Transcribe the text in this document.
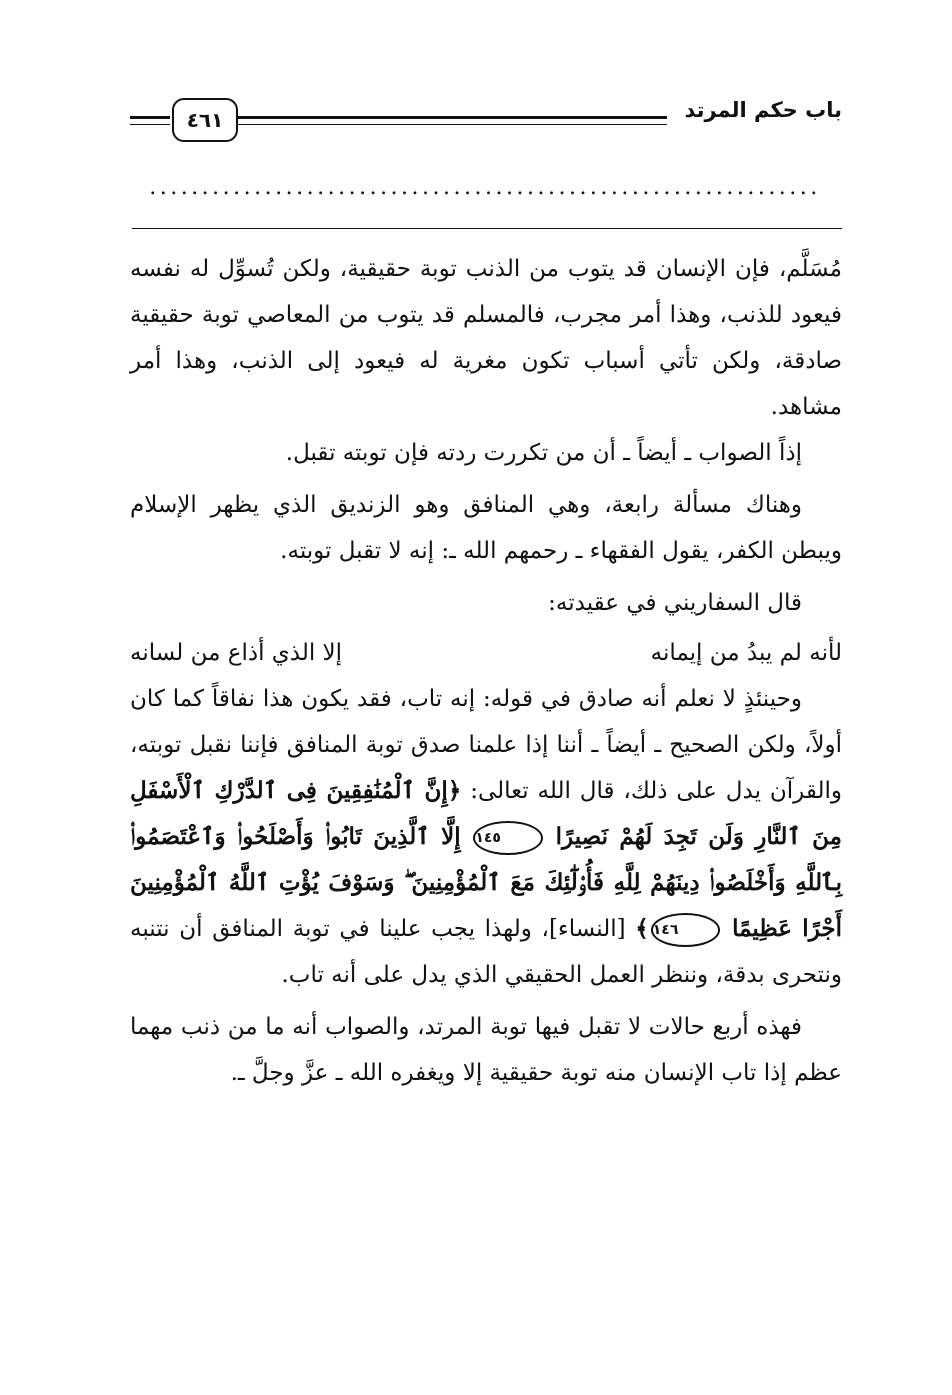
باب حكم المرتد
٤٦١
................................................................

مُسَلَّم، فإن الإنسان قد يتوب من الذنب توبة حقيقية، ولكن تُسوِّل له نفسه فيعود للذنب، وهذا أمر مجرب، فالمسلم قد يتوب من المعاصي توبة حقيقية صادقة، ولكن تأتي أسباب تكون مغرية له فيعود إلى الذنب، وهذا أمر مشاهد.

إذاً الصواب ـ أيضاً ـ أن من تكررت ردته فإن توبته تقبل.

وهناك مسألة رابعة، وهي المنافق وهو الزنديق الذي يظهر الإسلام ويبطن الكفر، يقول الفقهاء ـ رحمهم الله ـ: إنه لا تقبل توبته.

قال السفاريني في عقيدته:

لأنه لم يبدُ من إيمانه
إلا الذي أذاع من لسانه

وحينئذٍ لا نعلم أنه صادق في قوله: إنه تاب، فقد يكون هذا نفاقاً كما كان أولاً، ولكن الصحيح ـ أيضاً ـ أننا إذا علمنا صدق توبة المنافق فإننا نقبل توبته، والقرآن يدل على ذلك، قال الله تعالى: ﴿إِنَّ ٱلْمُنَٰفِقِينَ فِى ٱلدَّرْكِ ٱلْأَسْفَلِ مِنَ ٱلنَّارِ وَلَن تَجِدَ لَهُمْ نَصِيرًا ١٤٥ إِلَّا ٱلَّذِينَ تَابُوا۟ وَأَصْلَحُوا۟ وَٱعْتَصَمُوا۟ بِٱللَّهِ وَأَخْلَصُوا۟ دِينَهُمْ لِلَّهِ فَأُو۟لَٰٓئِكَ مَعَ ٱلْمُؤْمِنِينَ ۖ وَسَوْفَ يُؤْتِ ٱللَّهُ ٱلْمُؤْمِنِينَ أَجْرًا عَظِيمًا ١٤٦﴾ [النساء]، ولهذا يجب علينا في توبة المنافق أن نتنبه ونتحرى بدقة، وننظر العمل الحقيقي الذي يدل على أنه تاب.

فهذه أربع حالات لا تقبل فيها توبة المرتد، والصواب أنه ما من ذنب مهما عظم إذا تاب الإنسان منه توبة حقيقية إلا ويغفره الله ـ عزَّ وجلَّ ـ.
